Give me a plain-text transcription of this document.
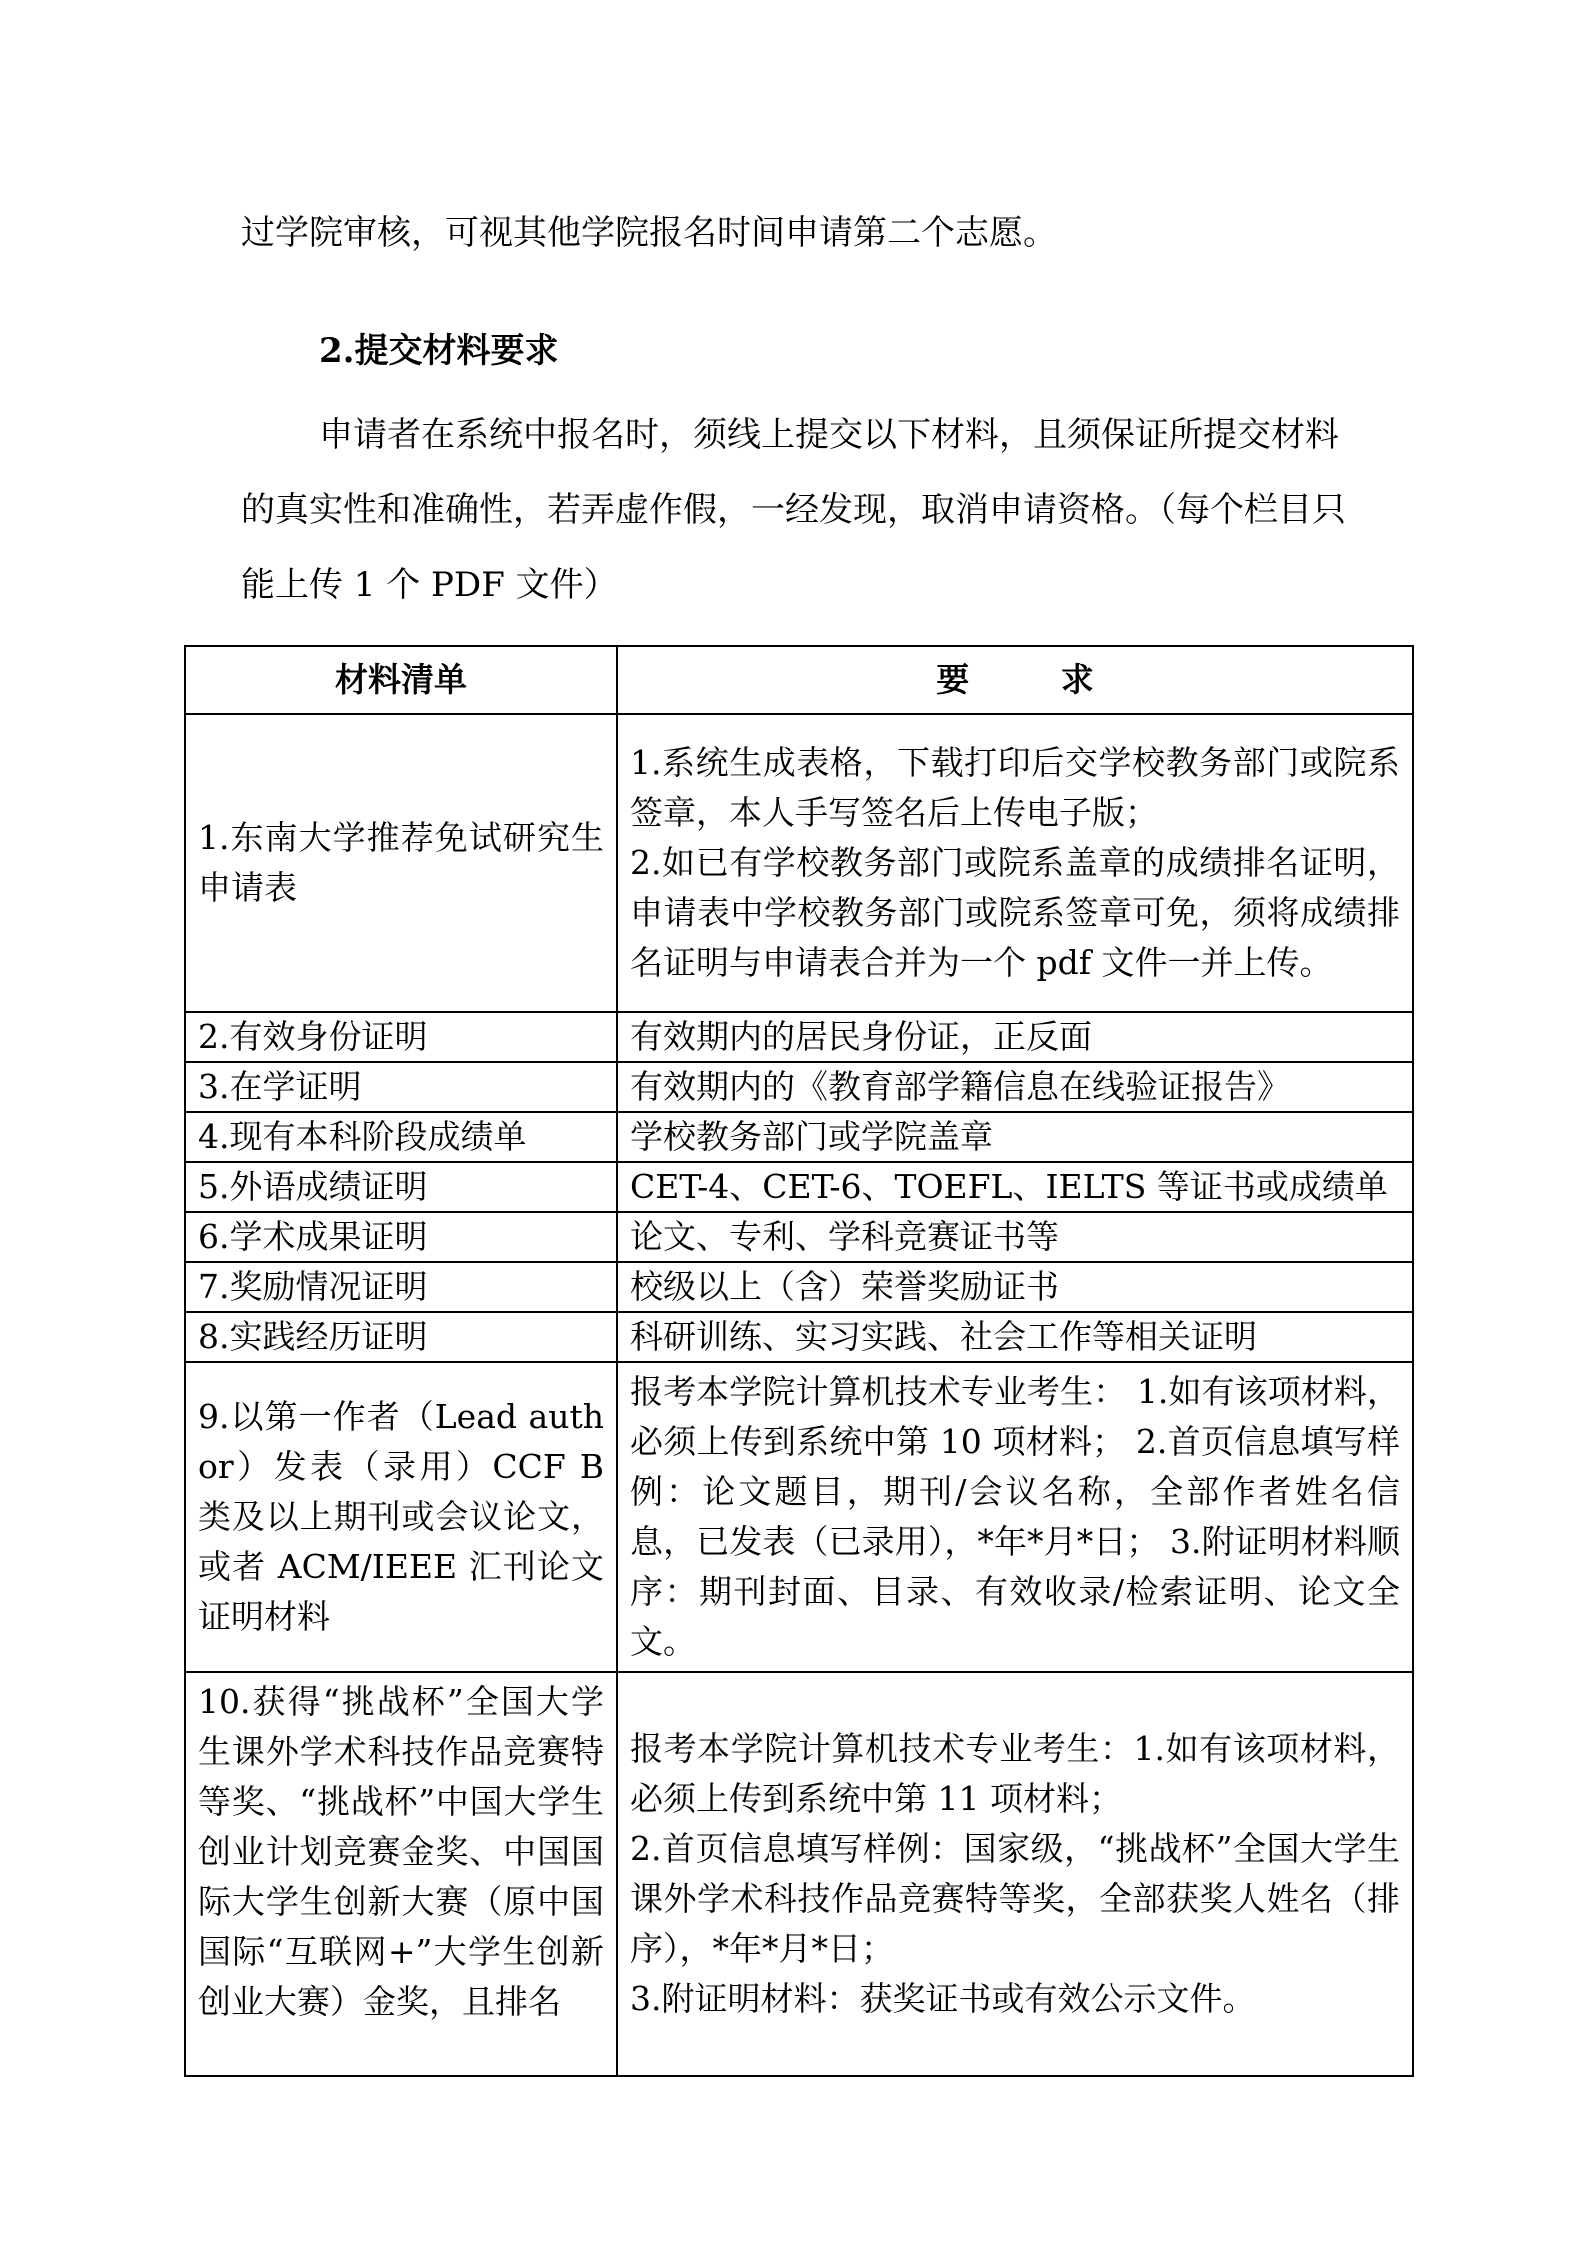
过学院审核，可视其他学院报名时间申请第二个志愿。

2.提交材料要求

申请者在系统中报名时，须线上提交以下材料，且须保证所提交材料的真实性和准确性，若弄虚作假，一经发现，取消申请资格。（每个栏目只能上传 1 个 PDF 文件）

材料清单	要 求
1.东南大学推荐免试研究生申请表	1.系统生成表格，下载打印后交学校教务部门或院系签章，本人手写签名后上传电子版；
2.如已有学校教务部门或院系盖章的成绩排名证明，申请表中学校教务部门或院系签章可免，须将成绩排名证明与申请表合并为一个 pdf 文件一并上传。
2.有效身份证明	有效期内的居民身份证，正反面
3.在学证明	有效期内的《教育部学籍信息在线验证报告》
4.现有本科阶段成绩单	学校教务部门或学院盖章
5.外语成绩证明	CET-4、CET-6、TOEFL、IELTS 等证书或成绩单
6.学术成果证明	论文、专利、学科竞赛证书等
7.奖励情况证明	校级以上（含）荣誉奖励证书
8.实践经历证明	科研训练、实习实践、社会工作等相关证明
9.以第一作者（Lead author）发表（录用）CCF B 类及以上期刊或会议论文，或者 ACM/IEEE 汇刊论文证明材料	报考本学院计算机技术专业考生： 1.如有该项材料，必须上传到系统中第 10 项材料； 2.首页信息填写样例：论文题目，期刊/会议名称，全部作者姓名信息，已发表（已录用），*年*月*日； 3.附证明材料顺序：期刊封面、目录、有效收录/检索证明、论文全文。
10.获得“挑战杯”全国大学生课外学术科技作品竞赛特等奖、“挑战杯”中国大学生创业计划竞赛金奖、中国国际大学生创新大赛（原中国国际“互联网+”大学生创新创业大赛）金奖，且排名	报考本学院计算机技术专业考生：1.如有该项材料，必须上传到系统中第 11 项材料；
2.首页信息填写样例：国家级，“挑战杯”全国大学生课外学术科技作品竞赛特等奖，全部获奖人姓名（排序），*年*月*日；
3.附证明材料：获奖证书或有效公示文件。
